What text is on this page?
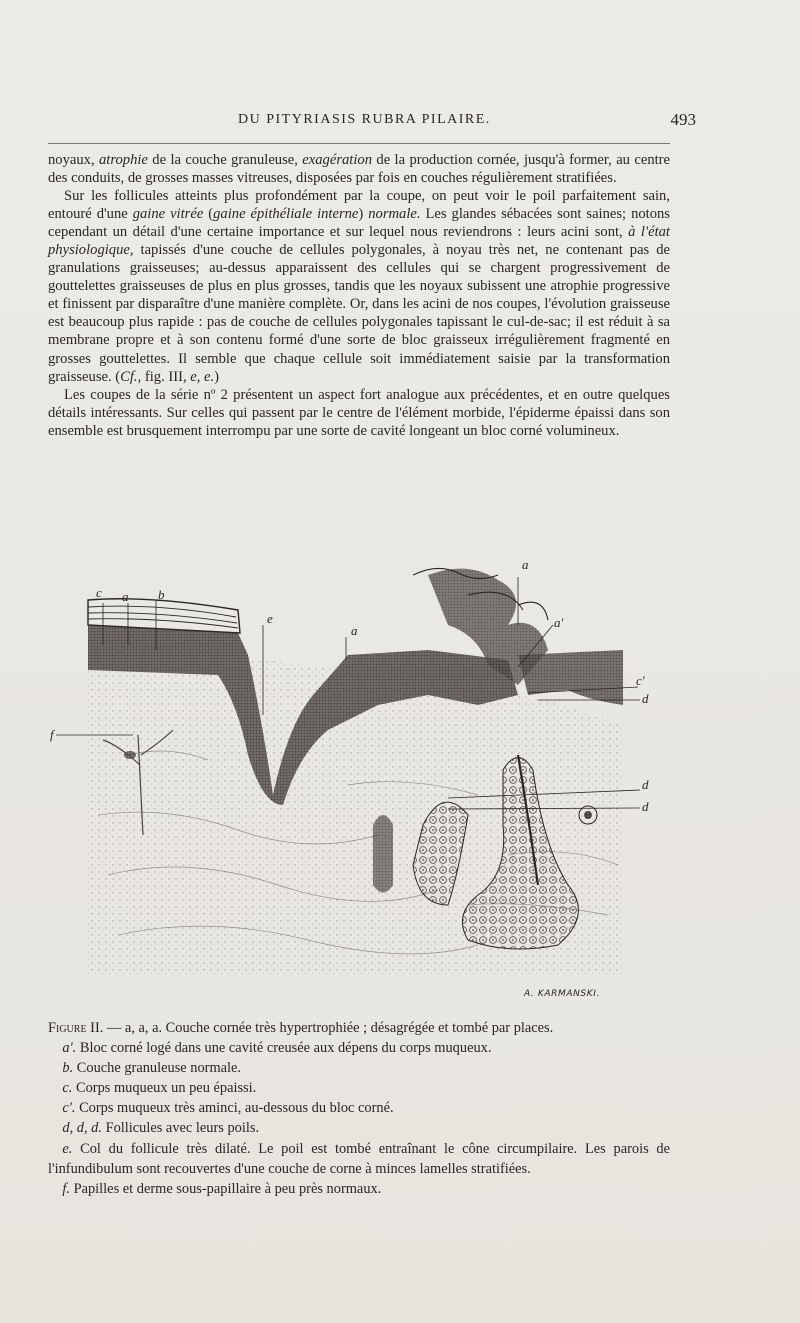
DU PITYRIASIS RUBRA PILAIRE.	493

noyaux, atrophie de la couche granuleuse, exagération de la production cornée, jusqu'à former, au centre des conduits, de grosses masses vitreuses, disposées par fois en couches régulièrement stratifiées.

Sur les follicules atteints plus profondément par la coupe, on peut voir le poil parfaitement sain, entouré d'une gaine vitrée (gaine épithéliale interne) normale. Les glandes sébacées sont saines; notons cependant un détail d'une certaine importance et sur lequel nous reviendrons : leurs acini sont, à l'état physiologique, tapissés d'une couche de cellules polygonales, à noyau très net, ne contenant pas de granulations graisseuses; au-dessus apparaissent des cellules qui se chargent progressivement de gouttelettes graisseuses de plus en plus grosses, tandis que les noyaux subissent une atrophie progressive et finissent par disparaître d'une manière complète. Or, dans les acini de nos coupes, l'évolution graisseuse est beaucoup plus rapide : pas de couche de cellules polygonales tapissant le cul-de-sac; il est réduit à sa membrane propre et à son contenu formé d'une sorte de bloc graisseux irrégulièrement fragmenté en grosses gouttelettes. Il semble que chaque cellule soit immédiatement saisie par la transformation graisseuse. (Cf., fig. III, e, e.)

Les coupes de la série nº 2 présentent un aspect fort analogue aux précédentes, et en outre quelques détails intéressants. Sur celles qui passent par le centre de l'élément morbide, l'épiderme épaissi dans son ensemble est brusquement interrompu par une sorte de cavité longeant un bloc corné volumineux.

c a b
e
a
f
a
a'
c'
d
d
d
A. KARMANSKI.

Figure II. — a, a, a. Couche cornée très hypertrophiée ; désagrégée et tombé par places.

 a'. Bloc corné logé dans une cavité creusée aux dépens du corps muqueux.

 b. Couche granuleuse normale.

 c. Corps muqueux un peu épaissi.

 c'. Corps muqueux très aminci, au-dessous du bloc corné.

 d, d, d. Follicules avec leurs poils.

 e. Col du follicule très dilaté. Le poil est tombé entraînant le cône circumpilaire. Les parois de l'infundibulum sont recouvertes d'une couche de corne à minces lamelles stratifiées.

 f. Papilles et derme sous-papillaire à peu près normaux.
